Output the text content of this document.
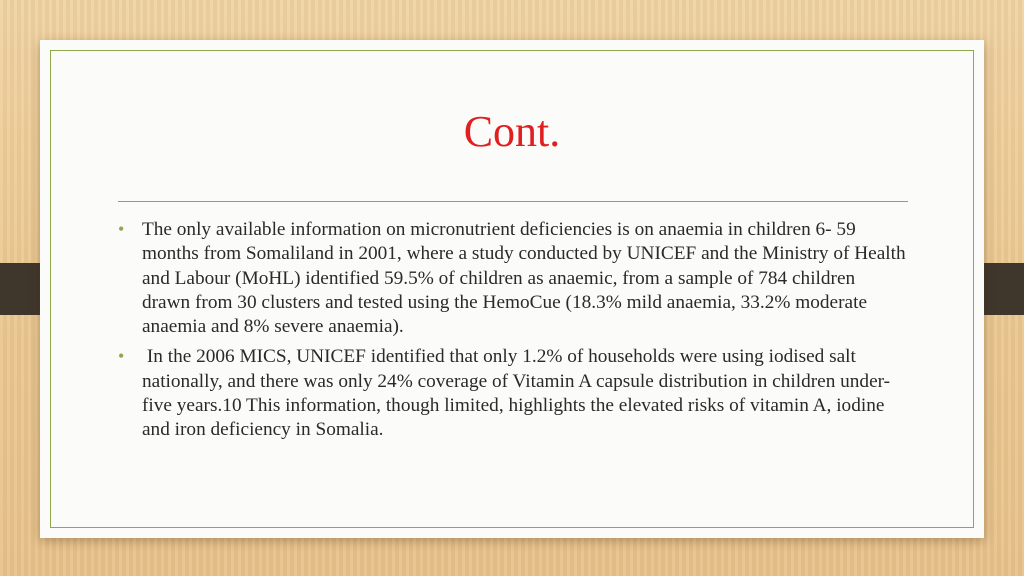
Cont.
• The only available information on micronutrient deficiencies is on anaemia in children 6- 59 months from Somaliland in 2001, where a study conducted by UNICEF and the Ministry of Health and Labour (MoHL) identified 59.5% of children as anaemic, from a sample of 784 children drawn from 30 clusters and tested using the HemoCue (18.3% mild anaemia, 33.2% moderate anaemia and 8% severe anaemia).
• In the 2006 MICS, UNICEF identified that only 1.2% of households were using iodised salt nationally, and there was only 24% coverage of Vitamin A capsule distribution in children under-five years.10 This information, though limited, highlights the elevated risks of vitamin A, iodine and iron deficiency in Somalia.
